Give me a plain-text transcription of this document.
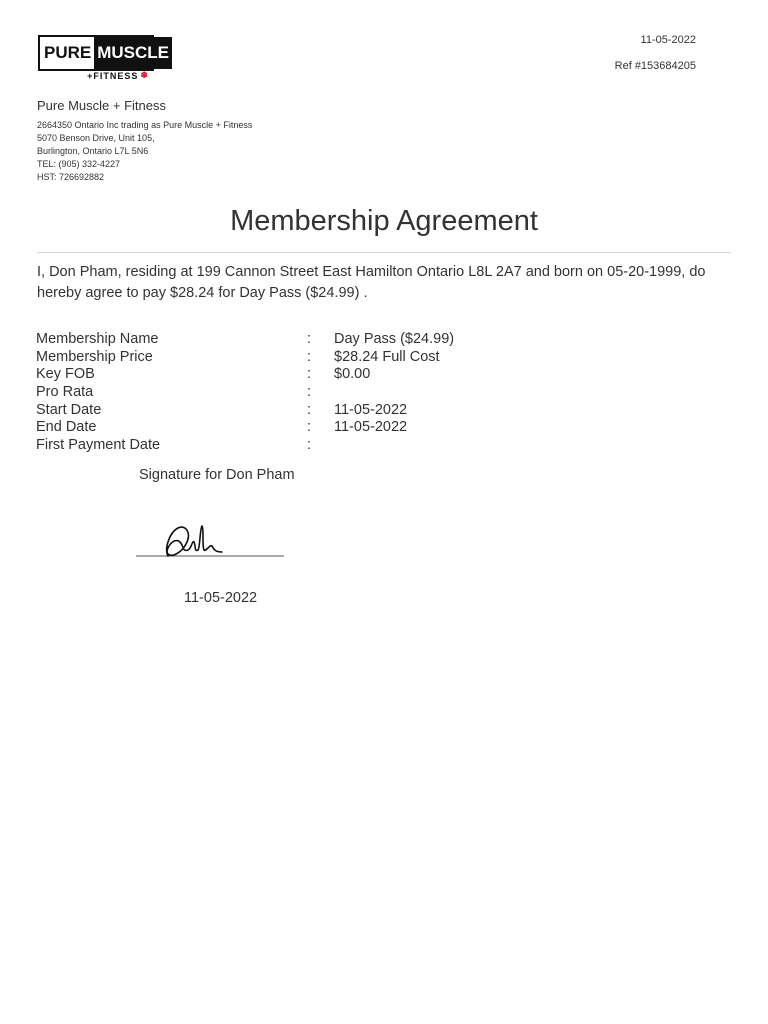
PURE MUSCLE
+FITNESS ❄
11-05-2022
Ref #153684205
Pure Muscle + Fitness
2664350 Ontario Inc trading as Pure Muscle + Fitness
5070 Benson Drive, Unit 105,
Burlington, Ontario L7L 5N6
TEL: (905) 332-4227
HST: 726692882
Membership Agreement
I, Don Pham, residing at 199 Cannon Street East Hamilton Ontario L8L 2A7 and born on 05-20-1999, do hereby agree to pay $28.24 for Day Pass ($24.99) .
Membership Name	: Day Pass ($24.99)
Membership Price	: $28.24 Full Cost
Key FOB	: $0.00
Pro Rata	:
Start Date	: 11-05-2022
End Date	: 11-05-2022
First Payment Date	:
Signature for Don Pham
11-05-2022
